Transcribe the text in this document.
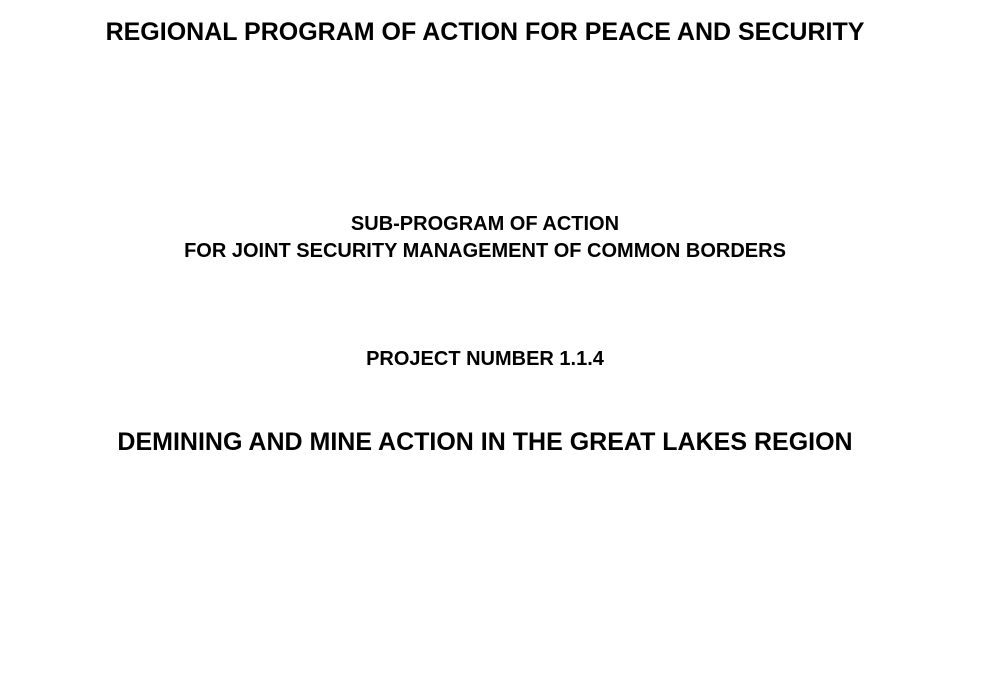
REGIONAL PROGRAM OF ACTION FOR PEACE AND SECURITY
SUB-PROGRAM OF ACTION
FOR JOINT SECURITY MANAGEMENT OF COMMON BORDERS
PROJECT NUMBER 1.1.4
DEMINING AND MINE ACTION IN THE GREAT LAKES REGION
